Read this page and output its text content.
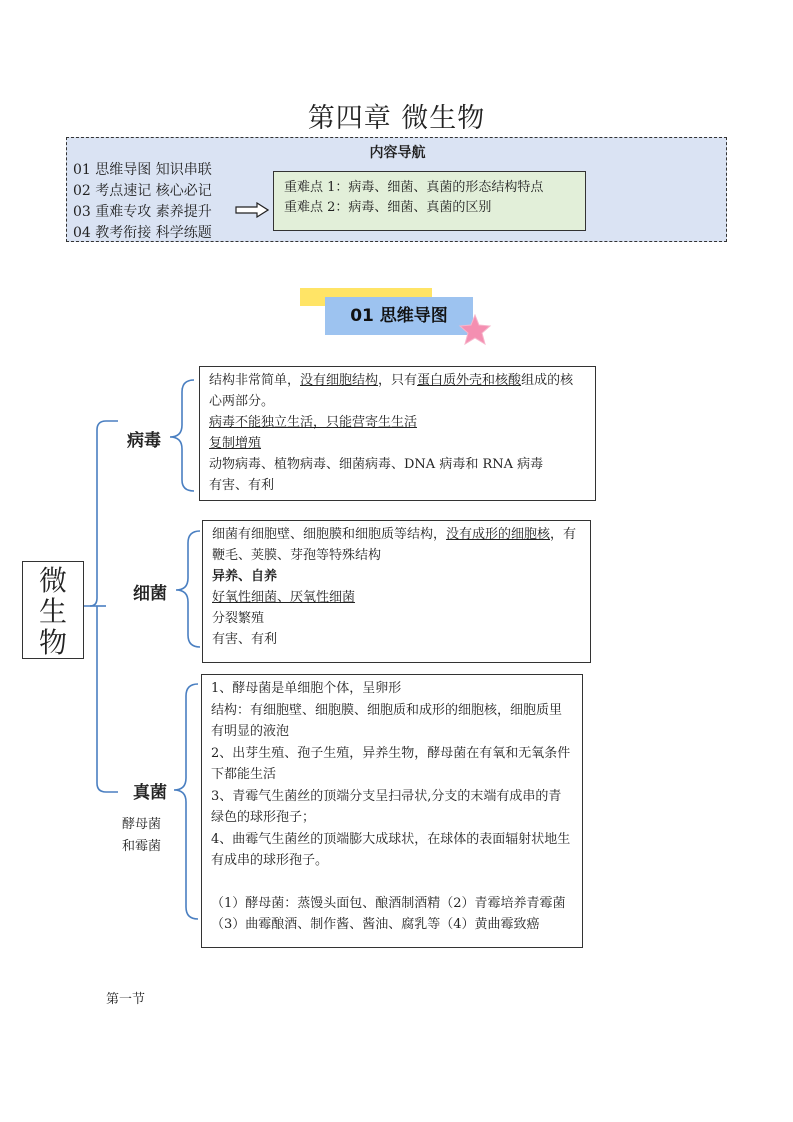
第四章 微生物
内容导航
01 思维导图 知识串联
02 考点速记 核心必记
03 重难专攻 素养提升
04 教考衔接 科学练题
重难点 1：病毒、细菌、真菌的形态结构特点
重难点 2：病毒、细菌、真菌的区别
01 思维导图
微
生
物
病毒
细菌
真菌
酵母菌
和霉菌

结构非常简单，没有细胞结构，只有蛋白质外壳和核酸组成的核心两部分。

病毒不能独立生活，只能营寄生生活

复制增殖

动物病毒、植物病毒、细菌病毒、DNA 病毒和 RNA 病毒

有害、有利

细菌有细胞壁、细胞膜和细胞质等结构，没有成形的细胞核，有鞭毛、荚膜、芽孢等特殊结构

异养、自养

好氧性细菌、厌氧性细菌

分裂繁殖

有害、有利

1、酵母菌是单细胞个体，呈卵形

结构：有细胞壁、细胞膜、细胞质和成形的细胞核，细胞质里有明显的液泡

2、出芽生殖、孢子生殖，异养生物，酵母菌在有氧和无氧条件下都能生活

3、青霉气生菌丝的顶端分支呈扫帚状,分支的末端有成串的青绿色的球形孢子；

4、曲霉气生菌丝的顶端膨大成球状，在球体的表面辐射状地生有成串的球形孢子。

（1）酵母菌：蒸馒头面包、酿酒制酒精（2）青霉培养青霉菌（3）曲霉酿酒、制作酱、酱油、腐乳等（4）黄曲霉致癌

第一节
